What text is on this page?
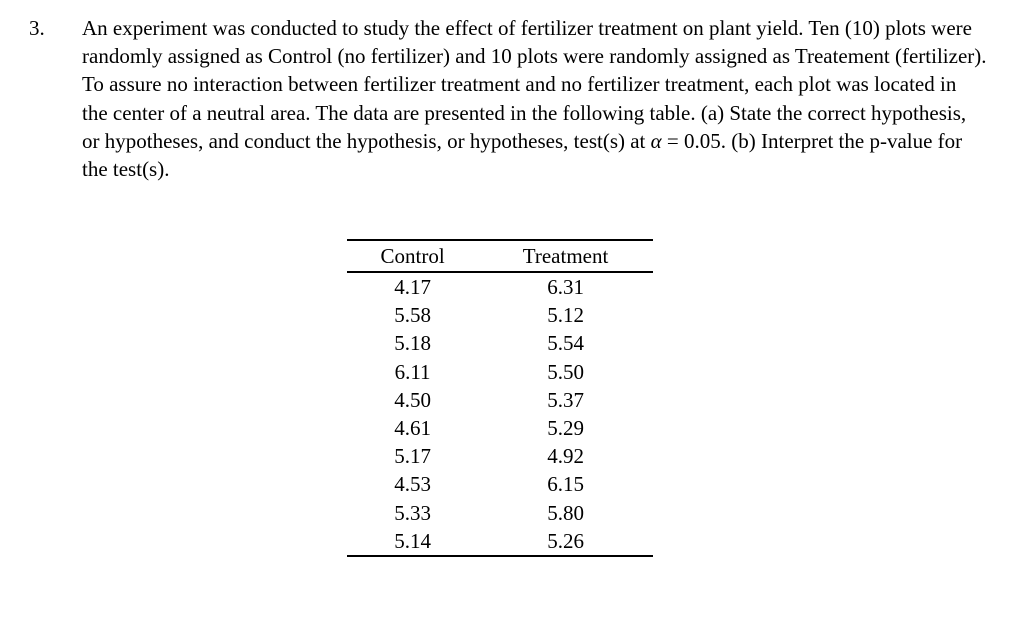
3. An experiment was conducted to study the effect of fertilizer treatment on plant yield. Ten (10) plots were randomly assigned as Control (no fertilizer) and 10 plots were randomly assigned as Treatement (fertilizer). To assure no interaction between fertilizer treatment and no fertilizer treatment, each plot was located in the center of a neutral area. The data are presented in the following table. (a) State the correct hypothesis, or hypotheses, and conduct the hypothesis, or hypotheses, test(s) at α = 0.05. (b) Interpret the p-value for the test(s).

Control	Treatment
4.17	6.31
5.58	5.12
5.18	5.54
6.11	5.50
4.50	5.37
4.61	5.29
5.17	4.92
4.53	6.15
5.33	5.80
5.14	5.26
